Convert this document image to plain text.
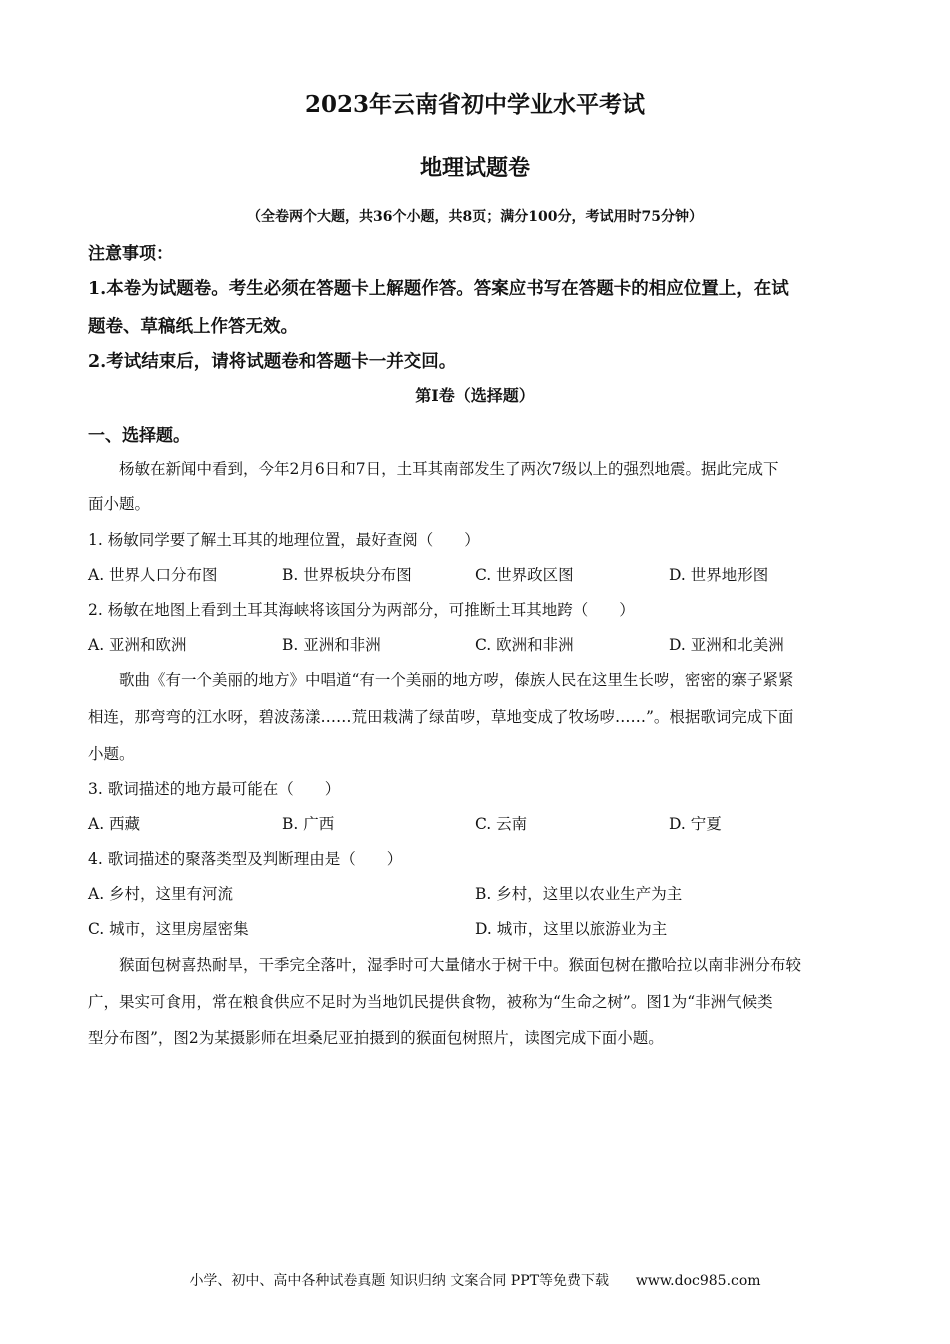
2023年云南省初中学业水平考试
地理试题卷
（全卷两个大题，共36个小题，共8页；满分100分，考试用时75分钟）
注意事项：
1.本卷为试题卷。考生必须在答题卡上解题作答。答案应书写在答题卡的相应位置上，在试
题卷、草稿纸上作答无效。
2.考试结束后，请将试题卷和答题卡一并交回。
第Ⅰ卷（选择题）
一、选择题。
杨敏在新闻中看到，今年2月6日和7日，土耳其南部发生了两次7级以上的强烈地震。据此完成下
面小题。
1. 杨敏同学要了解土耳其的地理位置，最好查阅（　　）
A. 世界人口分布图	B. 世界板块分布图	C. 世界政区图	D. 世界地形图
2. 杨敏在地图上看到土耳其海峡将该国分为两部分，可推断土耳其地跨（　　）
A. 亚洲和欧洲	B. 亚洲和非洲	C. 欧洲和非洲	D. 亚洲和北美洲
歌曲《有一个美丽的地方》中唱道“有一个美丽的地方哕，傣族人民在这里生长哕，密密的寨子紧紧
相连，那弯弯的江水呀，碧波荡漾……荒田栽满了绿苗哕，草地变成了牧场哕……”。根据歌词完成下面
小题。
3. 歌词描述的地方最可能在（　　）
A. 西藏	B. 广西	C. 云南	D. 宁夏
4. 歌词描述的聚落类型及判断理由是（　　）
A. 乡村，这里有河流	B. 乡村，这里以农业生产为主
C. 城市，这里房屋密集	D. 城市，这里以旅游业为主
猴面包树喜热耐旱，干季完全落叶，湿季时可大量储水于树干中。猴面包树在撒哈拉以南非洲分布较
广，果实可食用，常在粮食供应不足时为当地饥民提供食物，被称为“生命之树”。图1为“非洲气候类
型分布图”，图2为某摄影师在坦桑尼亚拍摄到的猴面包树照片，读图完成下面小题。
小学、初中、高中各种试卷真题 知识归纳 文案合同 PPT等免费下载 www.doc985.com
